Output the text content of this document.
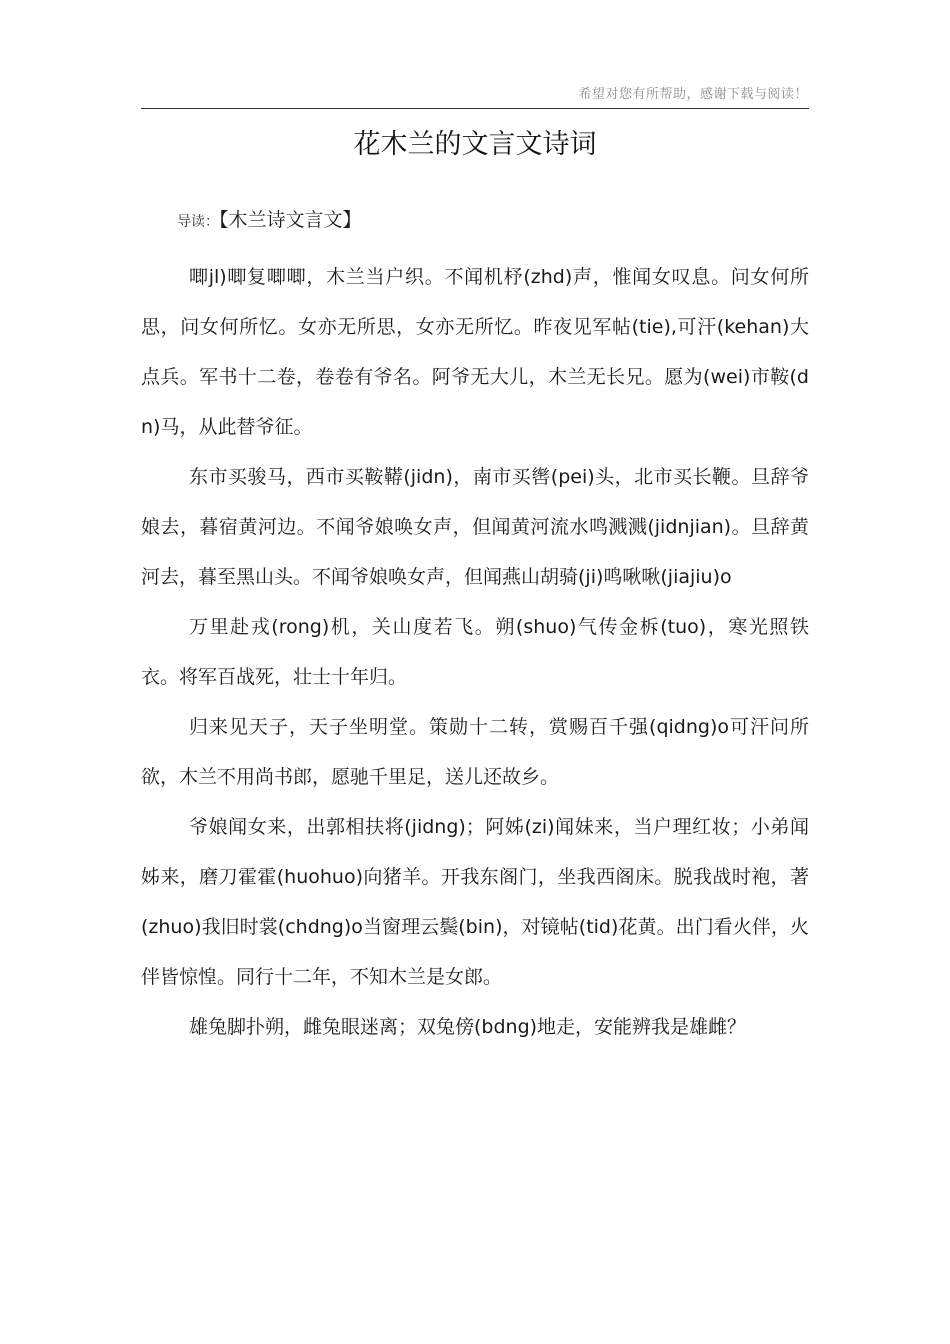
希望对您有所帮助，感谢下载与阅读！
花木兰的文言文诗词
导读：【木兰诗文言文】

唧jl)唧复唧唧，木兰当户织。不闻机杼(zhd)声，惟闻女叹息。问女何所思，问女何所忆。女亦无所思，女亦无所忆。昨夜见军帖(tie),可汗(kehan)大点兵。军书十二卷，卷卷有爷名。阿爷无大儿，木兰无长兄。愿为(wei)市鞍(dn)马，从此替爷征。

东市买骏马，西市买鞍鞯(jidn)，南市买辔(pei)头，北市买长鞭。旦辞爷娘去，暮宿黄河边。不闻爷娘唤女声，但闻黄河流水鸣溅溅(jidnjian)。旦辞黄河去，暮至黑山头。不闻爷娘唤女声，但闻燕山胡骑(ji)鸣啾啾(jiajiu)o

万里赴戎(rong)机，关山度若飞。朔(shuo)气传金柝(tuo)，寒光照铁衣。将军百战死，壮士十年归。

归来见天子，天子坐明堂。策勋十二转，赏赐百千强(qidng)o可汗问所欲，木兰不用尚书郎，愿驰千里足，送儿还故乡。

爷娘闻女来，出郭相扶将(jidng)；阿姊(zi)闻妹来，当户理红妆；小弟闻姊来，磨刀霍霍(huohuo)向猪羊。开我东阁门，坐我西阁床。脱我战时袍，著(zhuo)我旧时裳(chdng)o当窗理云鬓(bin)，对镜帖(tid)花黄。出门看火伴，火伴皆惊惶。同行十二年，不知木兰是女郎。

雄兔脚扑朔，雌兔眼迷离；双兔傍(bdng)地走，安能辨我是雄雌？
